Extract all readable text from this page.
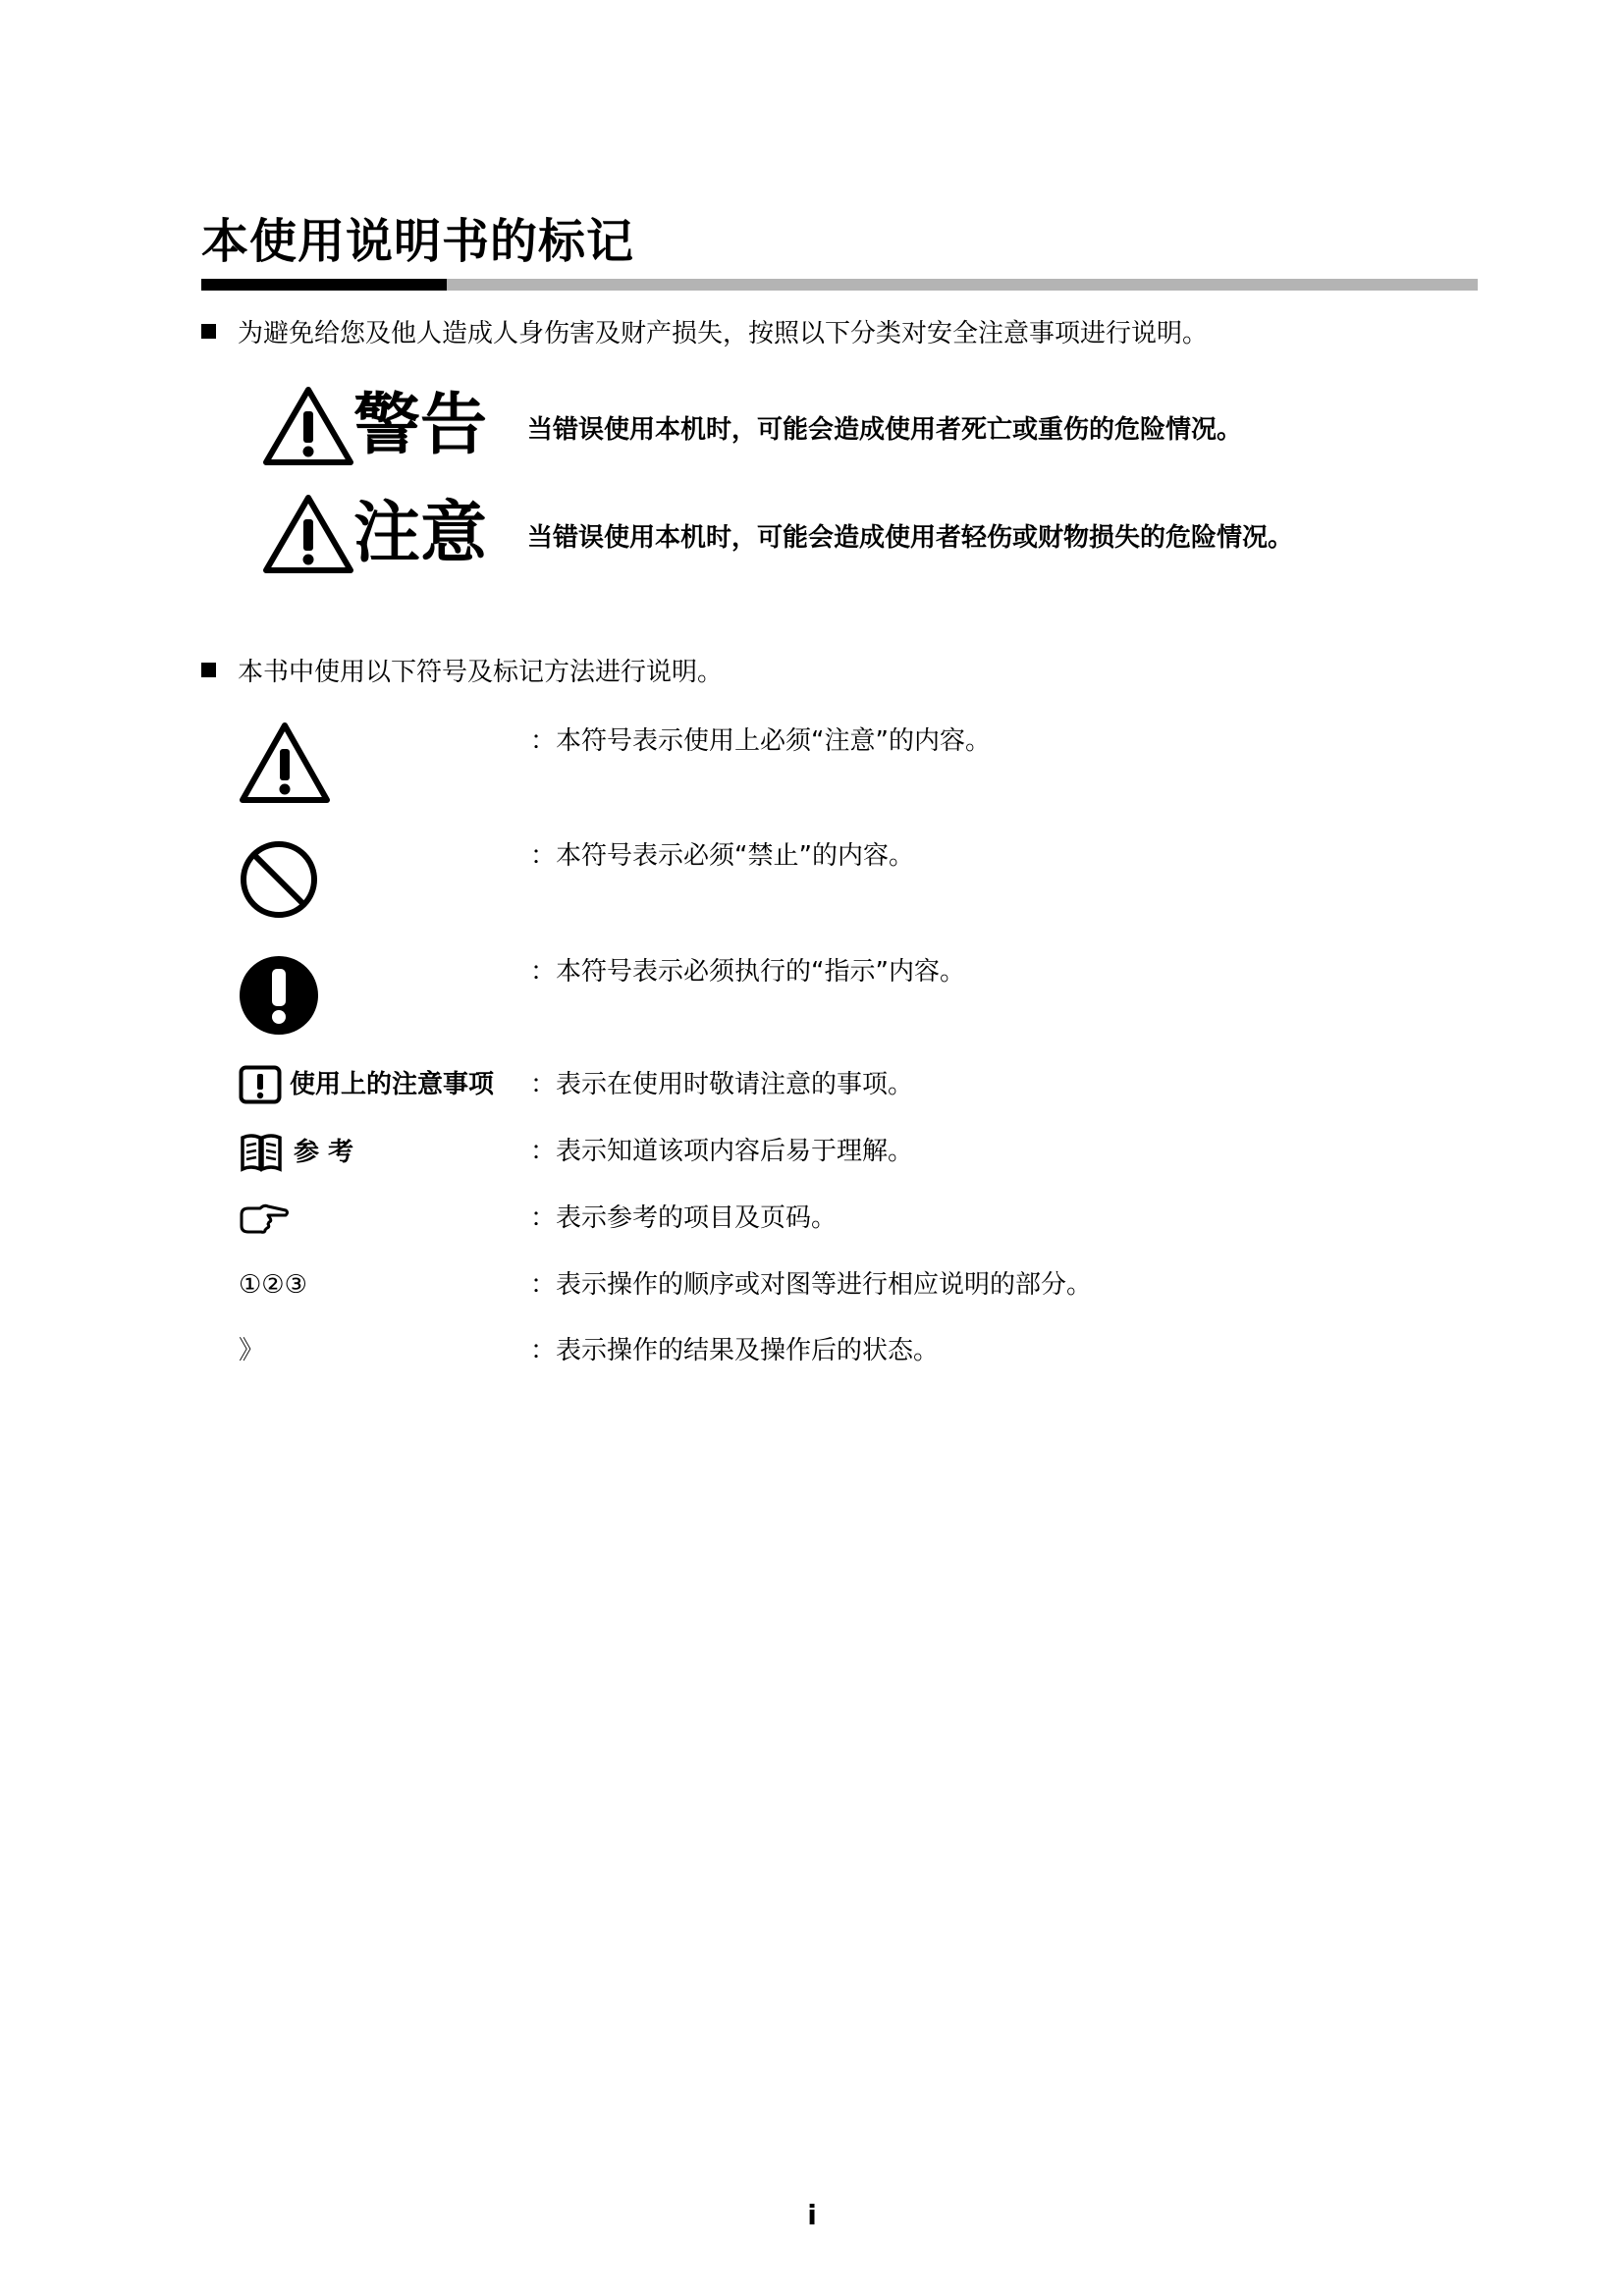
本使用说明书的标记
为避免给您及他人造成人身伤害及财产损失，按照以下分类对安全注意事项进行说明。
警告 当错误使用本机时，可能会造成使用者死亡或重伤的危险情况。
注意 当错误使用本机时，可能会造成使用者轻伤或财物损失的危险情况。
本书中使用以下符号及标记方法进行说明。
：本符号表示使用上必须“注意”的内容。
：本符号表示必须“禁止”的内容。
：本符号表示必须执行的“指示”内容。
使用上的注意事项 ：表示在使用时敬请注意的事项。
参 考	：表示知道该项内容后易于理解。
：表示参考的项目及页码。
①②③	：表示操作的顺序或对图等进行相应说明的部分。
》	：表示操作的结果及操作后的状态。
i
